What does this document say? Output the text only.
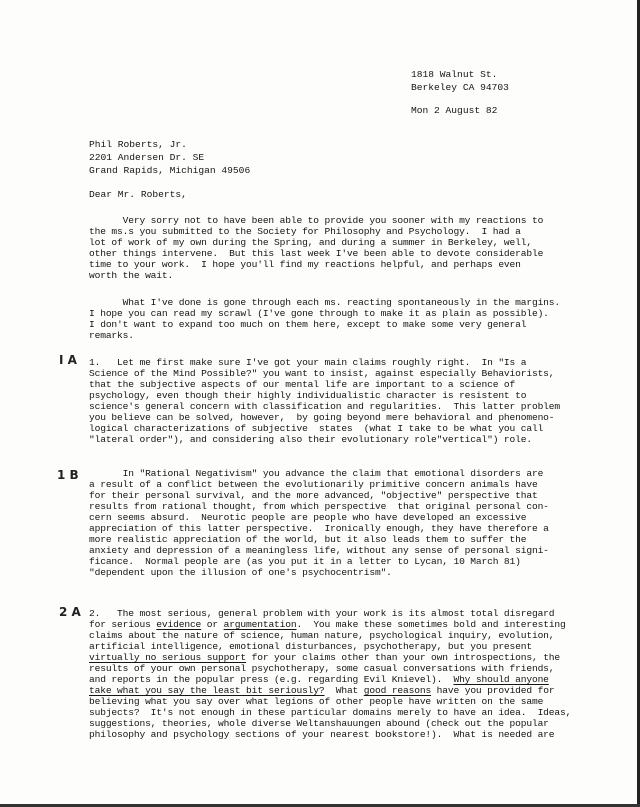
1818 Walnut St.
Berkeley CA 94703
Mon 2 August 82
Phil Roberts, Jr.
2201 Andersen Dr. SE
Grand Rapids, Michigan 49506
Dear Mr. Roberts,
Very sorry not to have been able to provide you sooner with my reactions to
the ms.s you submitted to the Society for Philosophy and Psychology.  I had a
lot of work of my own during the Spring, and during a summer in Berkeley, well,
other things intervene.  But this last week I've been able to devote considerable
time to your work.  I hope you'll find my reactions helpful, and perhaps even
worth the wait.
What I've done is gone through each ms. reacting spontaneously in the margins.
I hope you can read my scrawl (I've gone through to make it as plain as possible).
I don't want to expand too much on them here, except to make some very general
remarks.
I A
1 B
2 A
1.   Let me first make sure I've got your main claims roughly right.  In "Is a
Science of the Mind Possible?" you want to insist, against especially Behaviorists,
that the subjective aspects of our mental life are important to a science of
psychology, even though their highly individualistic character is resistent to
science's general concern with classification and regularities.  This latter problem
you believe can be solved, however,  by going beyond mere behavioral and phenomeno-
logical characterizations of subjective  states  (what I take to be what you call
"lateral order"), and considering also their evolutionary role"vertical") role.
In "Rational Negativism" you advance the claim that emotional disorders are
a result of a conflict between the evolutionarily primitive concern animals have
for their personal survival, and the more advanced, "objective" perspective that
results from rational thought, from which perspective  that original personal con-
cern seems absurd.  Neurotic people are people who have developed an excessive
appreciation of this latter perspective.  Ironically enough, they have therefore a
more realistic appreciation of the world, but it also leads them to suffer the
anxiety and depression of a meaningless life, without any sense of personal signi-
ficance.  Normal people are (as you put it in a letter to Lycan, 10 March 81)
"dependent upon the illusion of one's psychocentrism".
2.   The most serious, general problem with your work is its almost total disregard
for serious evidence or argumentation.  You make these sometimes bold and interesting
claims about the nature of science, human nature, psychological inquiry, evolution,
artificial intelligence, emotional disturbances, psychotherapy, but you present
virtually no serious support for your claims other than your own introspections, the
results of your own personal psychotherapy, some casual conversations with friends,
and reports in the popular press (e.g. regarding Evil Knievel).  Why should anyone
take what you say the least bit seriously?  What good reasons have you provided for
believing what you say over what legions of other people have written on the same
subjects?  It's not enough in these particular domains merely to have an idea.  Ideas,
suggestions, theories, whole diverse Weltanshauungen abound (check out the popular
philosophy and psychology sections of your nearest bookstore!).  What is needed are
